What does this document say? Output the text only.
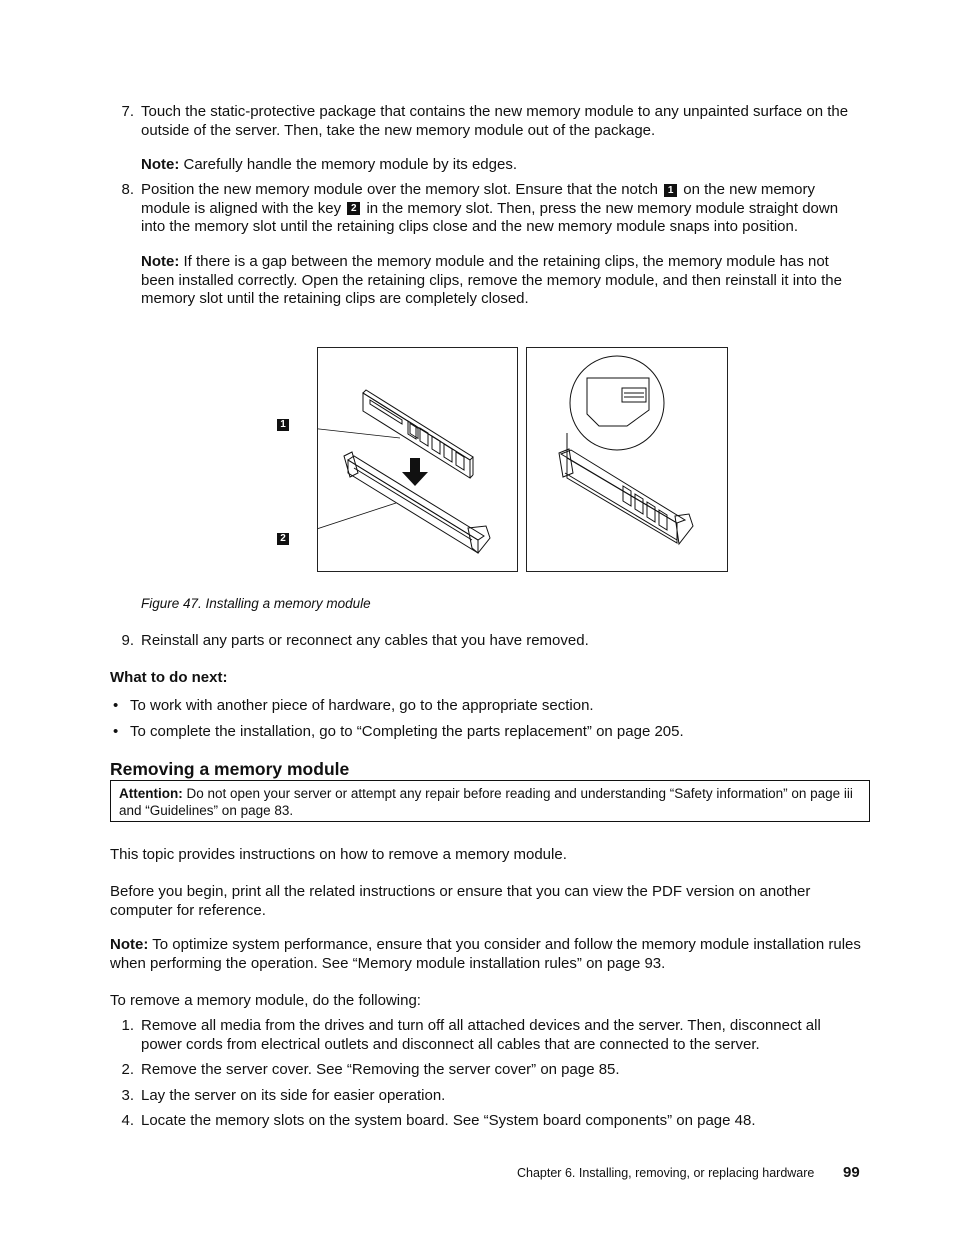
7. Touch the static-protective package that contains the new memory module to any unpainted surface on the outside of the server. Then, take the new memory module out of the package.
Note: Carefully handle the memory module by its edges.
8. Position the new memory module over the memory slot. Ensure that the notch 1 on the new memory module is aligned with the key 2 in the memory slot. Then, press the new memory module straight down into the memory slot until the retaining clips close and the new memory module snaps into position.
Note: If there is a gap between the memory module and the retaining clips, the memory module has not been installed correctly. Open the retaining clips, remove the memory module, and then reinstall it into the memory slot until the retaining clips are completely closed.
1
2
Figure 47. Installing a memory module
9. Reinstall any parts or reconnect any cables that you have removed.
What to do next:
• To work with another piece of hardware, go to the appropriate section.
• To complete the installation, go to “Completing the parts replacement” on page 205.
Removing a memory module
Attention: Do not open your server or attempt any repair before reading and understanding “Safety information” on page iii and “Guidelines” on page 83.
This topic provides instructions on how to remove a memory module.
Before you begin, print all the related instructions or ensure that you can view the PDF version on another computer for reference.
Note: To optimize system performance, ensure that you consider and follow the memory module installation rules when performing the operation. See “Memory module installation rules” on page 93.
To remove a memory module, do the following:
1. Remove all media from the drives and turn off all attached devices and the server. Then, disconnect all power cords from electrical outlets and disconnect all cables that are connected to the server.
2. Remove the server cover. See “Removing the server cover” on page 85.
3. Lay the server on its side for easier operation.
4. Locate the memory slots on the system board. See “System board components” on page 48.
Chapter 6. Installing, removing, or replacing hardware 99
